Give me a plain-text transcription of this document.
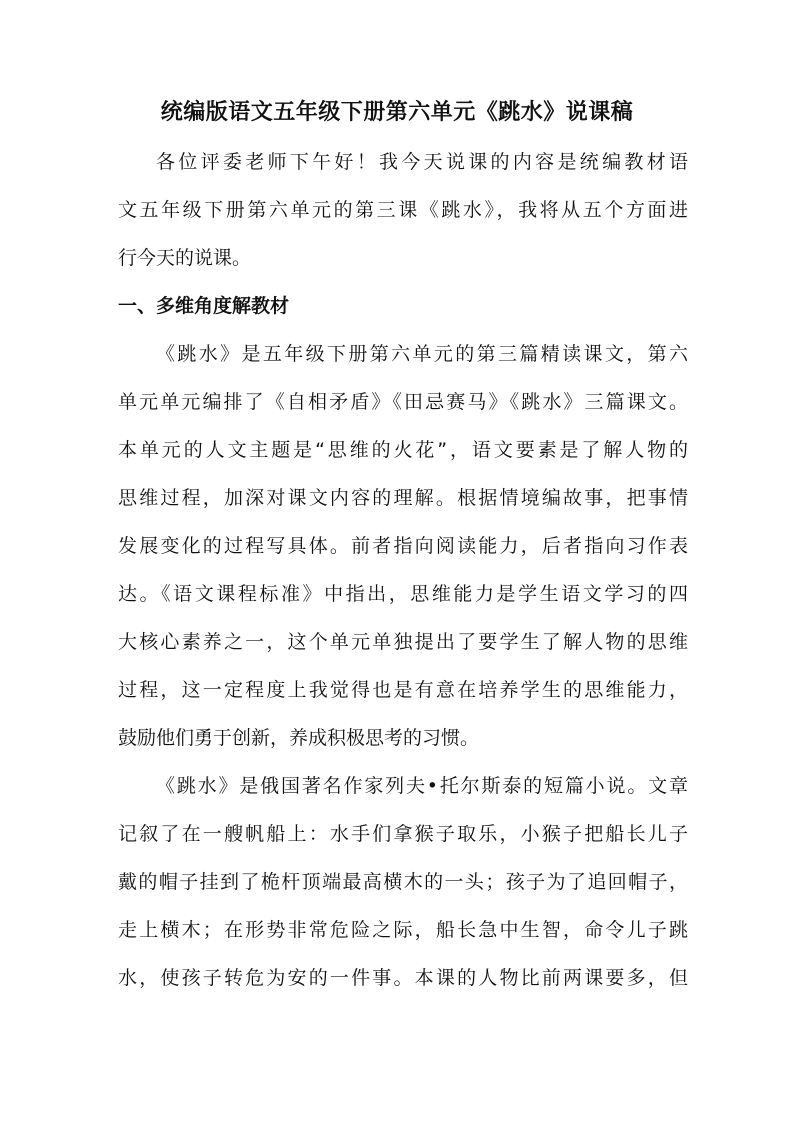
统编版语文五年级下册第六单元《跳水》说课稿
各位评委老师下午好！我今天说课的内容是统编教材语
文五年级下册第六单元的第三课《跳水》，我将从五个方面进
行今天的说课。
一、多维角度解教材
《跳水》是五年级下册第六单元的第三篇精读课文，第六
单元单元编排了《自相矛盾》《田忌赛马》《跳水》三篇课文。
本单元的人文主题是“思维的火花”，语文要素是了解人物的
思维过程，加深对课文内容的理解。根据情境编故事，把事情
发展变化的过程写具体。前者指向阅读能力，后者指向习作表
达。《语文课程标准》中指出，思维能力是学生语文学习的四
大核心素养之一，这个单元单独提出了要学生了解人物的思维
过程，这一定程度上我觉得也是有意在培养学生的思维能力，
鼓励他们勇于创新，养成积极思考的习惯。
《跳水》是俄国著名作家列夫•托尔斯泰的短篇小说。文章
记叙了在一艘帆船上：水手们拿猴子取乐，小猴子把船长儿子
戴的帽子挂到了桅杆顶端最高横木的一头；孩子为了追回帽子，
走上横木；在形势非常危险之际，船长急中生智，命令儿子跳
水，使孩子转危为安的一件事。本课的人物比前两课要多，但
